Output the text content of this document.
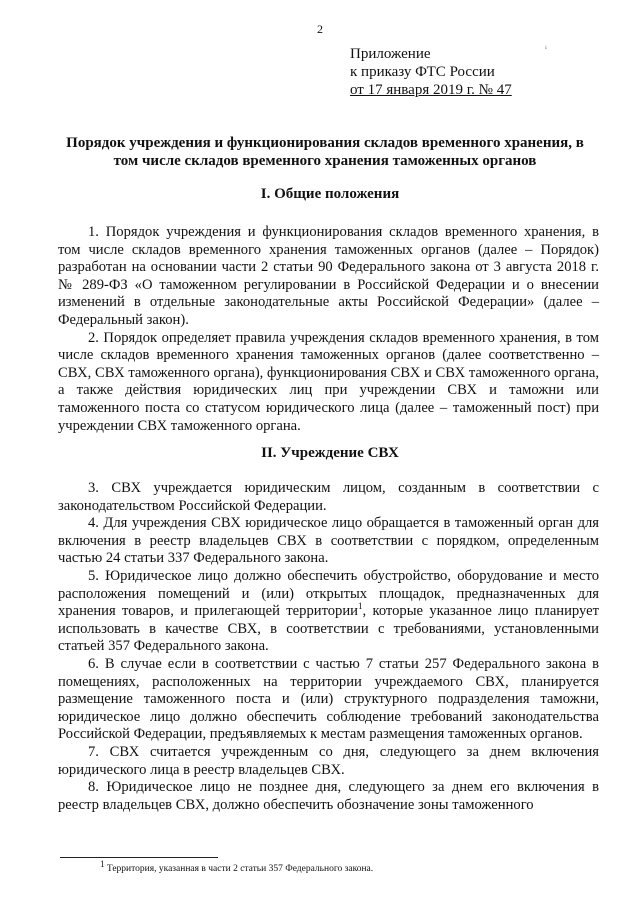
2
ⁱ
Приложение
к приказу ФТС России
от 17 января 2019 г. № 47
Порядок учреждения и функционирования складов временного хранения, в том числе складов временного хранения таможенных органов
I. Общие положения

1. Порядок учреждения и функционирования складов временного хранения, в том числе складов временного хранения таможенных органов (далее – Порядок) разработан на основании части 2 статьи 90 Федерального закона от 3 августа 2018 г. № 289-ФЗ «О таможенном регулировании в Российской Федерации и о внесении изменений в отдельные законодательные акты Российской Федерации» (далее – Федеральный закон).

2. Порядок определяет правила учреждения складов временного хранения, в том числе складов временного хранения таможенных органов (далее соответственно – СВХ, СВХ таможенного органа), функционирования СВХ и СВХ таможенного органа, а также действия юридических лиц при учреждении СВХ и таможни или таможенного поста со статусом юридического лица (далее – таможенный пост) при учреждении СВХ таможенного органа.

II. Учреждение СВХ

3. СВХ учреждается юридическим лицом, созданным в соответствии с законодательством Российской Федерации.

4. Для учреждения СВХ юридическое лицо обращается в таможенный орган для включения в реестр владельцев СВХ в соответствии с порядком, определенным частью 24 статьи 337 Федерального закона.

5. Юридическое лицо должно обеспечить обустройство, оборудование и место расположения помещений и (или) открытых площадок, предназначенных для хранения товаров, и прилегающей территории$^1$, которые указанное лицо планирует использовать в качестве СВХ, в соответствии с требованиями, установленными статьей 357 Федерального закона.

6. В случае если в соответствии с частью 7 статьи 257 Федерального закона в помещениях, расположенных на территории учреждаемого СВХ, планируется размещение таможенного поста и (или) структурного подразделения таможни, юридическое лицо должно обеспечить соблюдение требований законодательства Российской Федерации, предъявляемых к местам размещения таможенных органов.

7. СВХ считается учрежденным со дня, следующего за днем включения юридического лица в реестр владельцев СВХ.

8. Юридическое лицо не позднее дня, следующего за днем его включения в реестр владельцев СВХ, должно обеспечить обозначение зоны таможенного

$^1$ Территория, указанная в части 2 статьи 357 Федерального закона.
